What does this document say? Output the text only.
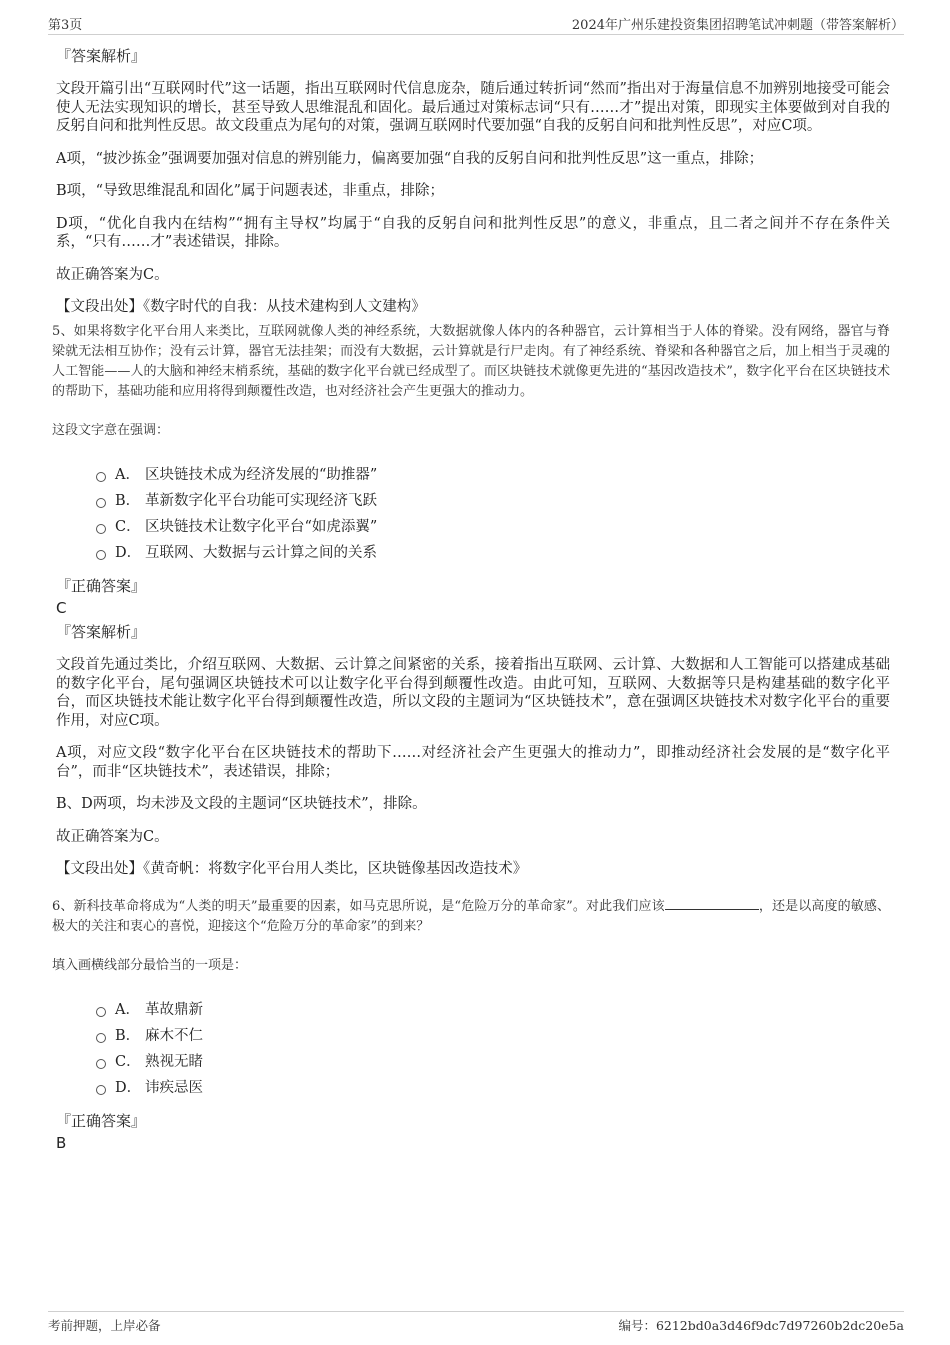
第3页	2024年广州乐建投资集团招聘笔试冲刺题（带答案解析）
『答案解析』

文段开篇引出“互联网时代”这一话题，指出互联网时代信息庞杂，随后通过转折词“然而”指出对于海量信息不加辨别地接受可能会使人无法实现知识的增长，甚至导致人思维混乱和固化。最后通过对策标志词“只有……才”提出对策，即现实主体要做到对自我的反躬自问和批判性反思。故文段重点为尾句的对策，强调互联网时代要加强“自我的反躬自问和批判性反思”，对应C项。

A项，“披沙拣金”强调要加强对信息的辨别能力，偏离要加强“自我的反躬自问和批判性反思”这一重点，排除；

B项，“导致思维混乱和固化”属于问题表述，非重点，排除；

D项，“优化自我内在结构”“拥有主导权”均属于“自我的反躬自问和批判性反思”的意义，非重点，且二者之间并不存在条件关系，“只有……才”表述错误，排除。

故正确答案为C。

【文段出处】《数字时代的自我：从技术建构到人文建构》
5、如果将数字化平台用人来类比，互联网就像人类的神经系统，大数据就像人体内的各种器官，云计算相当于人体的脊梁。没有网络，器官与脊梁就无法相互协作；没有云计算，器官无法挂架；而没有大数据，云计算就是行尸走肉。有了神经系统、脊梁和各种器官之后，加上相当于灵魂的人工智能——人的大脑和神经末梢系统，基础的数字化平台就已经成型了。而区块链技术就像更先进的“基因改造技术”，数字化平台在区块链技术的帮助下，基础功能和应用将得到颠覆性改造，也对经济社会产生更强大的推动力。
这段文字意在强调：
A． 区块链技术成为经济发展的“助推器”
B． 革新数字化平台功能可实现经济飞跃
C． 区块链技术让数字化平台“如虎添翼”
D． 互联网、大数据与云计算之间的关系
『正确答案』
C
『答案解析』

文段首先通过类比，介绍互联网、大数据、云计算之间紧密的关系，接着指出互联网、云计算、大数据和人工智能可以搭建成基础的数字化平台，尾句强调区块链技术可以让数字化平台得到颠覆性改造。由此可知，互联网、大数据等只是构建基础的数字化平台，而区块链技术能让数字化平台得到颠覆性改造，所以文段的主题词为“区块链技术”，意在强调区块链技术对数字化平台的重要作用，对应C项。

A项，对应文段“数字化平台在区块链技术的帮助下……对经济社会产生更强大的推动力”，即推动经济社会发展的是“数字化平台”，而非“区块链技术”，表述错误，排除；

B、D两项，均未涉及文段的主题词“区块链技术”，排除。

故正确答案为C。

【文段出处】《黄奇帆：将数字化平台用人类比，区块链像基因改造技术》
6、新科技革命将成为“人类的明天”最重要的因素，如马克思所说，是“危险万分的革命家”。对此我们应该	，还是以高度的敏感、极大的关注和衷心的喜悦，迎接这个“危险万分的革命家”的到来？
填入画横线部分最恰当的一项是：
A． 革故鼎新
B． 麻木不仁
C． 熟视无睹
D． 讳疾忌医
『正确答案』
B
考前押题，上岸必备	编号：6212bd0a3d46f9dc7d97260b2dc20e5a
